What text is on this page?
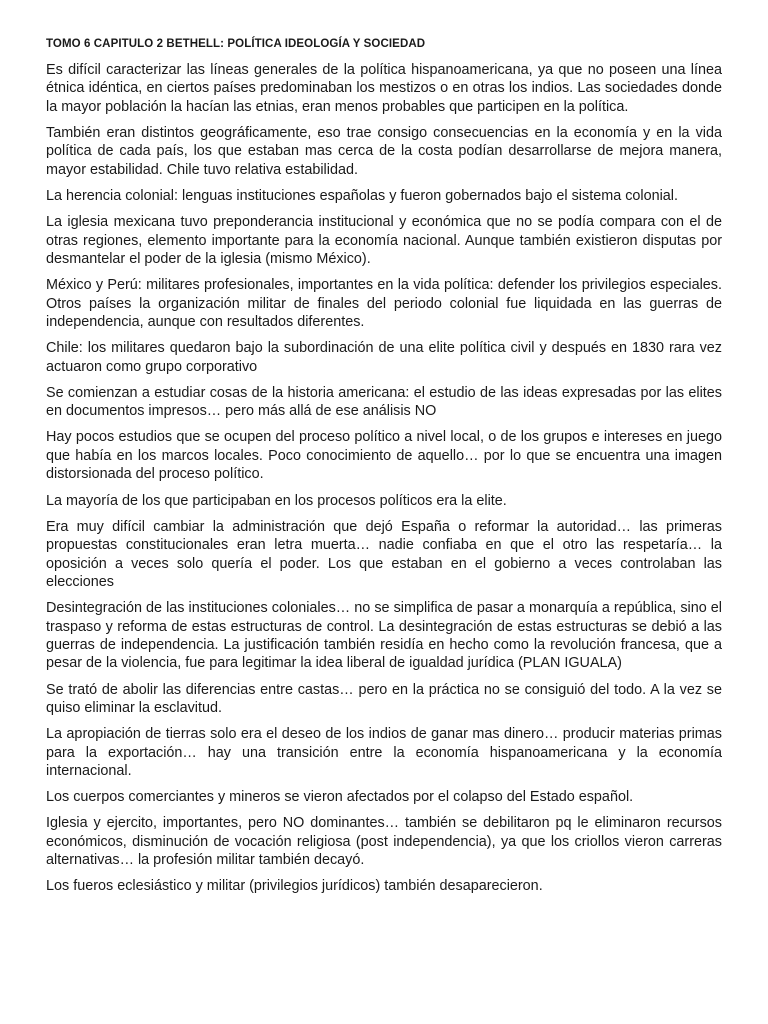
TOMO 6 CAPITULO 2 BETHELL: POLÍTICA IDEOLOGÍA Y SOCIEDAD

Es difícil caracterizar las líneas generales de la política hispanoamericana, ya que no poseen una línea étnica idéntica, en ciertos países predominaban los mestizos o en otras los indios. Las sociedades donde la mayor población la hacían las etnias, eran menos probables que participen en la política.

También eran distintos geográficamente, eso trae consigo consecuencias en la economía y en la vida política de cada país, los que estaban mas cerca de la costa podían desarrollarse de mejora manera, mayor estabilidad. Chile tuvo relativa estabilidad.

La herencia colonial: lenguas instituciones españolas y fueron gobernados bajo el sistema colonial.

La iglesia mexicana tuvo preponderancia institucional y económica que no se podía compara con el de otras regiones, elemento importante para la economía nacional. Aunque también existieron disputas por desmantelar el poder de la iglesia (mismo México).

México y Perú: militares profesionales, importantes en la vida política: defender los privilegios especiales. Otros países la organización militar de finales del periodo colonial fue liquidada en las guerras de independencia, aunque con resultados diferentes.

Chile: los militares quedaron bajo la subordinación de una elite política civil y después en 1830 rara vez actuaron como grupo corporativo

Se comienzan a estudiar cosas de la historia americana: el estudio de las ideas expresadas por las elites en documentos impresos… pero más allá de ese análisis NO

Hay pocos estudios que se ocupen del proceso político a nivel local, o de los grupos e intereses en juego que había en los marcos locales. Poco conocimiento de aquello… por lo que se encuentra una imagen distorsionada del proceso político.

La mayoría de los que participaban en los procesos políticos era la elite.

Era muy difícil cambiar la administración que dejó España o reformar la autoridad… las primeras propuestas constitucionales eran letra muerta… nadie confiaba en que el otro las respetaría… la oposición a veces solo quería el poder. Los que estaban en el gobierno a veces controlaban las elecciones

Desintegración de las instituciones coloniales… no se simplifica de pasar a monarquía a república, sino el traspaso y reforma de estas estructuras de control. La desintegración de estas estructuras se debió a las guerras de independencia. La justificación también residía en hecho como la revolución francesa, que a pesar de la violencia, fue para legitimar la idea liberal de igualdad jurídica (PLAN IGUALA)

Se trató de abolir las diferencias entre castas… pero en la práctica no se consiguió del todo. A la vez se quiso eliminar la esclavitud.

La apropiación de tierras solo era el deseo de los indios de ganar mas dinero… producir materias primas para la exportación… hay una transición entre la economía hispanoamericana y la economía internacional.

Los cuerpos comerciantes y mineros se vieron afectados por el colapso del Estado español.

Iglesia y ejercito, importantes, pero NO dominantes… también se debilitaron pq le eliminaron recursos económicos, disminución de vocación religiosa (post independencia), ya que los criollos vieron carreras alternativas… la profesión militar también decayó.

Los fueros eclesiástico y militar (privilegios jurídicos) también desaparecieron.
